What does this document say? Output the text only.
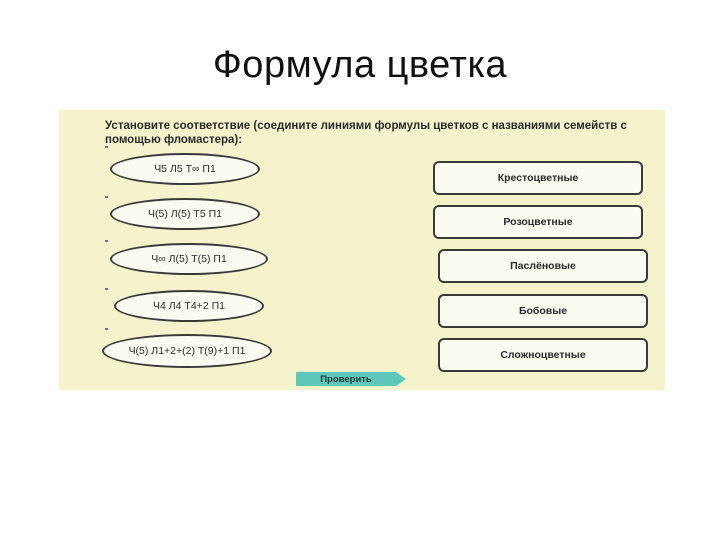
Формула цветка
Установите соответствие (соедините линиями формулы цветков с названиями семейств с помощью фломастера):
Ч5 Л5 Т∞ П1
Ч(5) Л(5) Т5 П1
Ч∞ Л(5) Т(5) П1
Ч4 Л4 Т4+2 П1
Ч(5) Л1+2+(2) Т(9)+1 П1
Крестоцветные
Розоцветные
Паслёновые
Бобовые
Сложноцветные
Проверить
